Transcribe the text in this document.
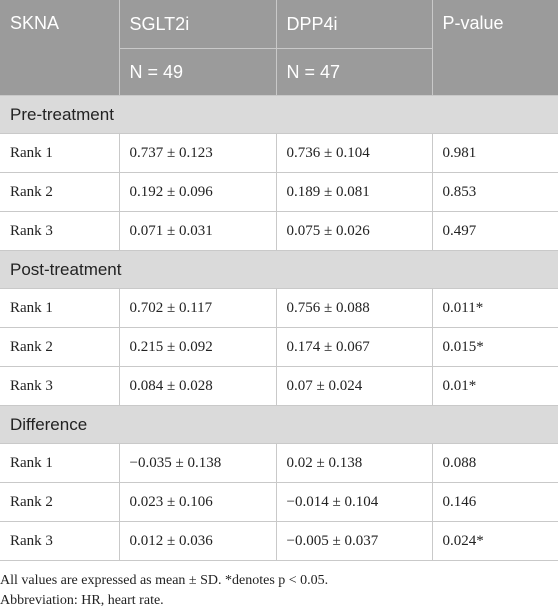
SKNA	SGLT2i	DPP4i	P-value
	N = 49	N = 47	
Pre-treatment			
Rank 1	0.737 ± 0.123	0.736 ± 0.104	0.981
Rank 2	0.192 ± 0.096	0.189 ± 0.081	0.853
Rank 3	0.071 ± 0.031	0.075 ± 0.026	0.497
Post-treatment			
Rank 1	0.702 ± 0.117	0.756 ± 0.088	0.011*
Rank 2	0.215 ± 0.092	0.174 ± 0.067	0.015*
Rank 3	0.084 ± 0.028	0.07 ± 0.024	0.01*
Difference			
Rank 1	−0.035 ± 0.138	0.02 ± 0.138	0.088
Rank 2	0.023 ± 0.106	−0.014 ± 0.104	0.146
Rank 3	0.012 ± 0.036	−0.005 ± 0.037	0.024*
All values are expressed as mean ± SD. *denotes p < 0.05.
Abbreviation: HR, heart rate.
